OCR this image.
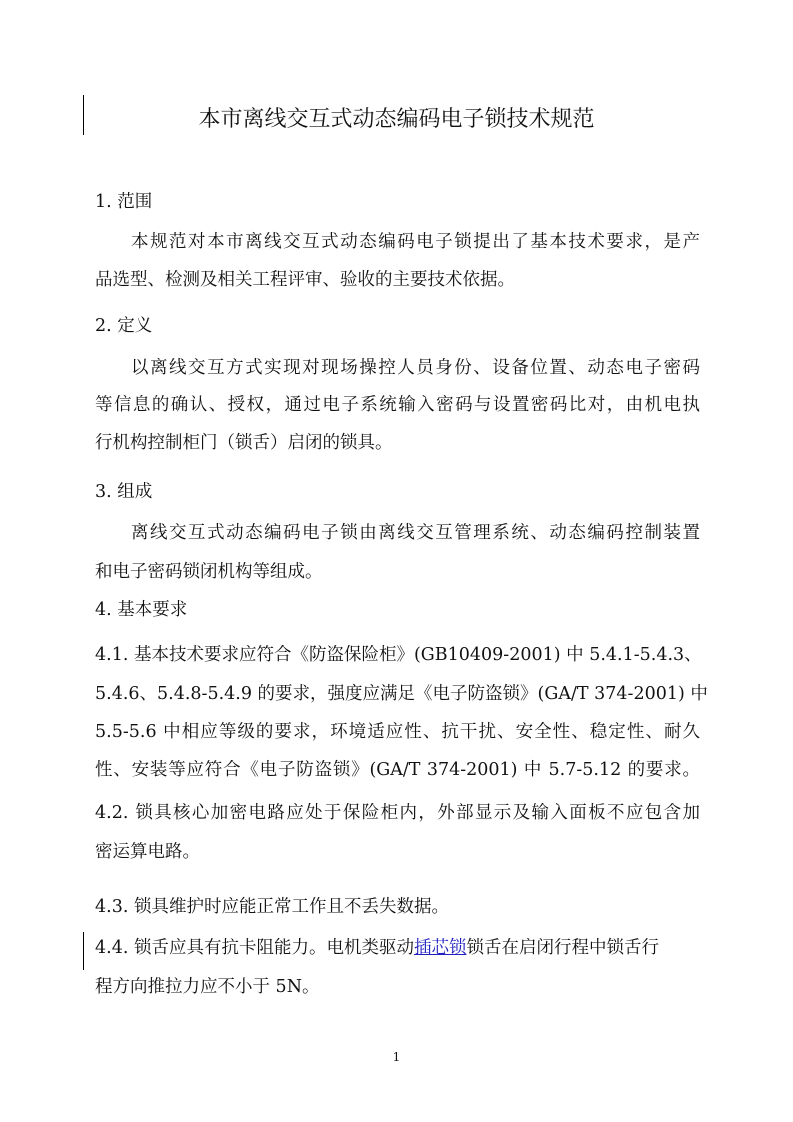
本市离线交互式动态编码电子锁技术规范
1. 范围
本规范对本市离线交互式动态编码电子锁提出了基本技术要求，是产
品选型、检测及相关工程评审、验收的主要技术依据。
2. 定义
以离线交互方式实现对现场操控人员身份、设备位置、动态电子密码
等信息的确认、授权，通过电子系统输入密码与设置密码比对，由机电执
行机构控制柜门（锁舌）启闭的锁具。
3. 组成
离线交互式动态编码电子锁由离线交互管理系统、动态编码控制装置
和电子密码锁闭机构等组成。
4. 基本要求
4.1. 基本技术要求应符合《防盗保险柜》(GB10409-2001) 中 5.4.1-5.4.3、
5.4.6、5.4.8-5.4.9 的要求，强度应满足《电子防盗锁》(GA/T 374-2001) 中
5.5-5.6 中相应等级的要求，环境适应性、抗干扰、安全性、稳定性、耐久
性、安装等应符合《电子防盗锁》(GA/T 374-2001) 中 5.7-5.12 的要求。
4.2. 锁具核心加密电路应处于保险柜内，外部显示及输入面板不应包含加
密运算电路。
4.3. 锁具维护时应能正常工作且不丢失数据。
4.4. 锁舌应具有抗卡阻能力。电机类驱动插芯锁锁舌在启闭行程中锁舌行
程方向推拉力应不小于 5N。
1
